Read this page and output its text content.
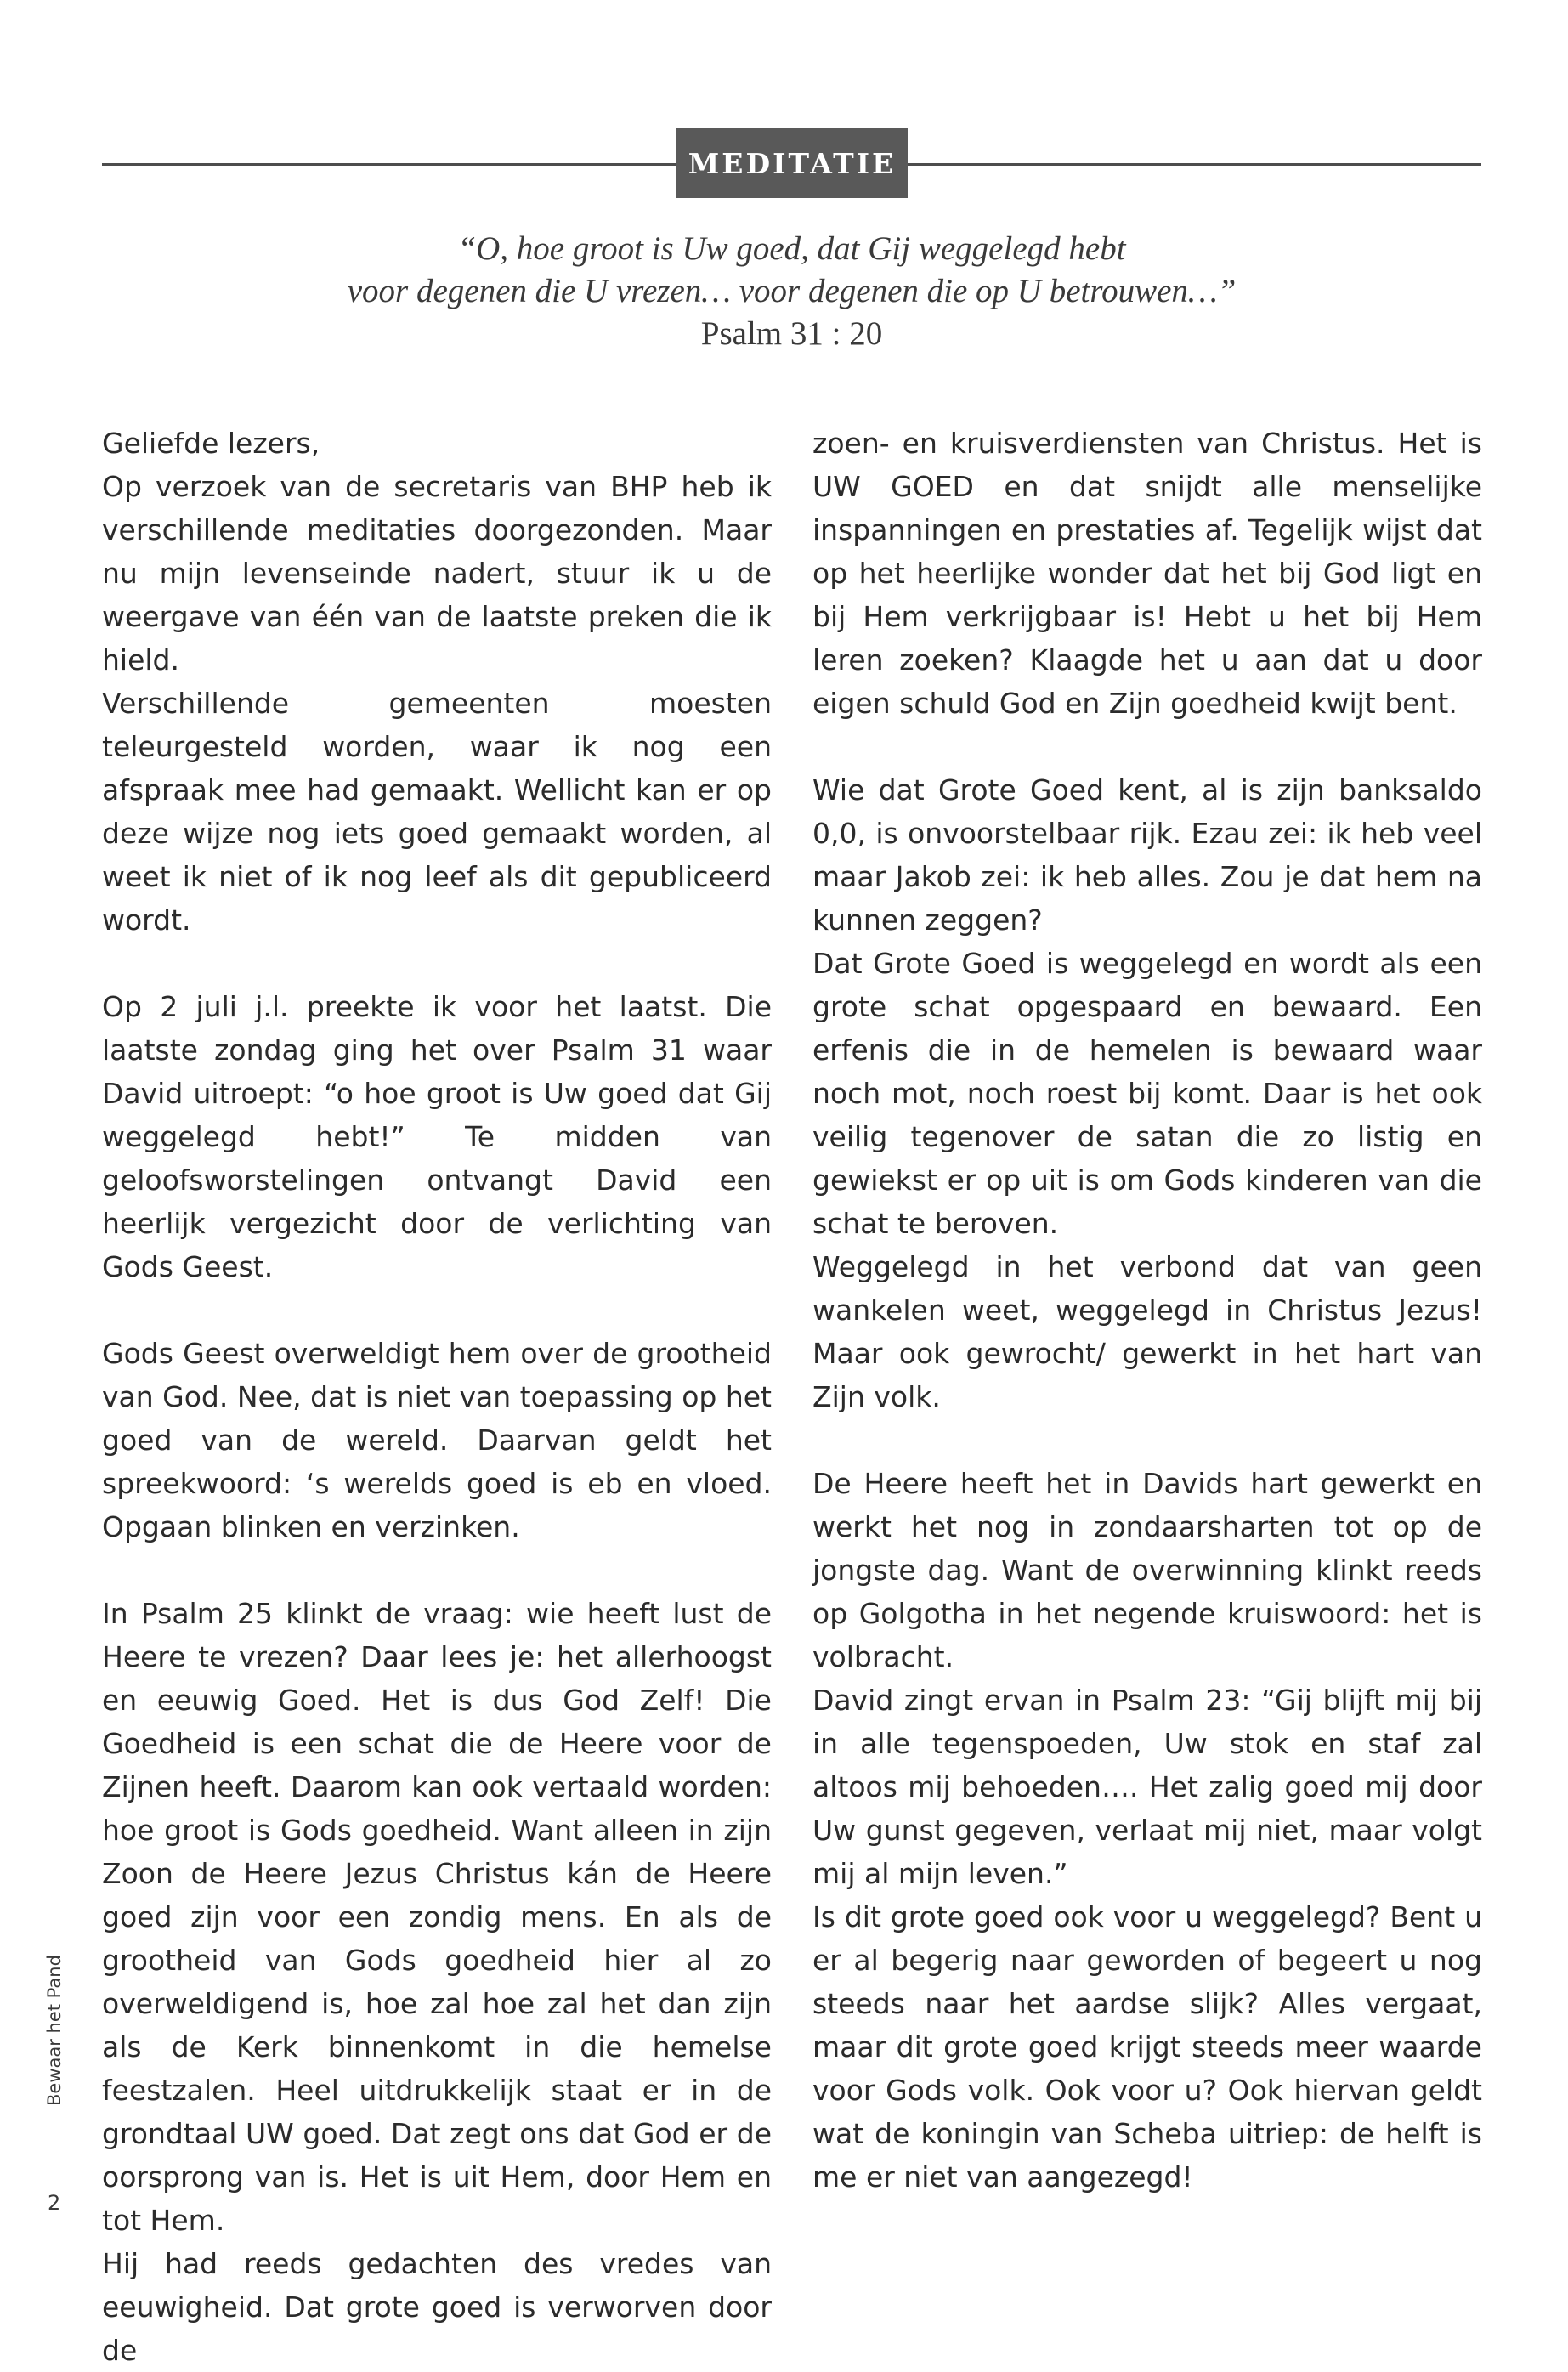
MEDITATIE
“O, hoe groot is Uw goed, dat Gij weggelegd hebt
voor degenen die U vrezen… voor degenen die op U betrouwen…”
Psalm 31 : 20

Geliefde lezers,

Op verzoek van de secretaris van BHP heb ik verschillende meditaties doorgezonden. Maar nu mijn levenseinde nadert, stuur ik u de weergave van één van de laatste preken die ik hield.

Verschillende gemeenten moesten teleurgesteld worden, waar ik nog een afspraak mee had gemaakt. Wellicht kan er op deze wijze nog iets goed gemaakt worden, al weet ik niet of ik nog leef als dit gepubliceerd wordt.

Op 2 juli j.l. preekte ik voor het laatst. Die laatste zondag ging het over Psalm 31 waar David uitroept: “o hoe groot is Uw goed dat Gij weggelegd hebt!” Te midden van geloofsworstelingen ontvangt David een heerlijk vergezicht door de verlichting van Gods Geest.

Gods Geest overweldigt hem over de grootheid van God. Nee, dat is niet van toepassing op het goed van de wereld. Daarvan geldt het spreekwoord: ‘s werelds goed is eb en vloed. Opgaan blinken en verzinken.

In Psalm 25 klinkt de vraag: wie heeft lust de Heere te vrezen? Daar lees je: het allerhoogst en eeuwig Goed. Het is dus God Zelf! Die Goedheid is een schat die de Heere voor de Zijnen heeft. Daarom kan ook vertaald worden: hoe groot is Gods goedheid. Want alleen in zijn Zoon de Heere Jezus Christus kán de Heere goed zijn voor een zondig mens. En als de grootheid van Gods goedheid hier al zo overweldigend is, hoe zal hoe zal het dan zijn als de Kerk binnenkomt in die hemelse feestzalen. Heel uitdrukkelijk staat er in de grondtaal UW goed. Dat zegt ons dat God er de oorsprong van is. Het is uit Hem, door Hem en tot Hem.

Hij had reeds gedachten des vredes van eeuwigheid. Dat grote goed is verworven door de

zoen- en kruisverdiensten van Christus. Het is UW GOED en dat snijdt alle menselijke inspanningen en prestaties af. Tegelijk wijst dat op het heerlijke wonder dat het bij God ligt en bij Hem verkrijgbaar is! Hebt u het bij Hem leren zoeken? Klaagde het u aan dat u door eigen schuld God en Zijn goedheid kwijt bent.

Wie dat Grote Goed kent, al is zijn banksaldo 0,0, is onvoorstelbaar rijk. Ezau zei: ik heb veel maar Jakob zei: ik heb alles. Zou je dat hem na kunnen zeggen?

Dat Grote Goed is weggelegd en wordt als een grote schat opgespaard en bewaard. Een erfenis die in de hemelen is bewaard waar noch mot, noch roest bij komt. Daar is het ook veilig tegenover de satan die zo listig en gewiekst er op uit is om Gods kinderen van die schat te beroven.

Weggelegd in het verbond dat van geen wankelen weet, weggelegd in Christus Jezus! Maar ook gewrocht/ gewerkt in het hart van Zijn volk.

De Heere heeft het in Davids hart gewerkt en werkt het nog in zondaarsharten tot op de jongste dag. Want de overwinning klinkt reeds op Golgotha in het negende kruiswoord: het is volbracht.

David zingt ervan in Psalm 23: “Gij blijft mij bij in alle tegenspoeden, Uw stok en staf zal altoos mij behoeden…. Het zalig goed mij door Uw gunst gegeven, verlaat mij niet, maar volgt mij al mijn leven.”

Is dit grote goed ook voor u weggelegd? Bent u er al begerig naar geworden of begeert u nog steeds naar het aardse slijk? Alles vergaat, maar dit grote goed krijgt steeds meer waarde voor Gods volk. Ook voor u? Ook hiervan geldt wat de koningin van Scheba uitriep: de helft is me er niet van aangezegd!

Bewaar het Pand
2
